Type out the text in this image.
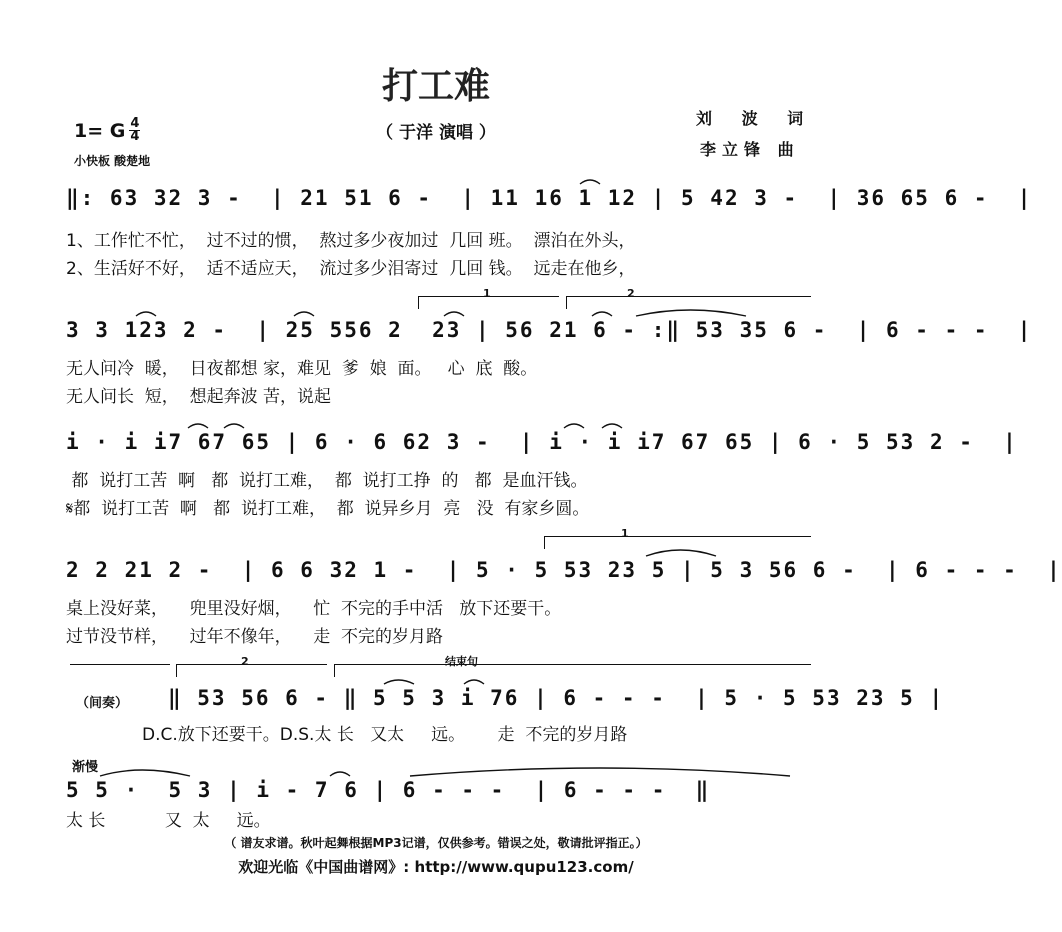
打工难
（ 于洋 演唱 ）
刘 波 词
李立锋 曲
1= G $\frac{4}{4}$
小快板 酸楚地
‖: 63 32 3 -  | 21 51 6 -  | 11 16 1 12 | 5 42 3 -  | 36 65 6 -  |
1、工作忙不忙，  过不过的惯，  熬过多少夜加过  几回 班。  漂泊在外头，
2、生活好不好，  适不适应天，  流过多少泪寄过  几回 钱。  远走在他乡，
1	2
3 3 123 2 -  | 25 556 2  23 | 56 21 6 - :‖ 53 35 6 -  | 6 - - -  |
无人问冷  暖，  日夜都想 家，难见  爹  娘  面。   心  底  酸。
无人问长  短，  想起奔波 苦，说起
i · i i7 67 65 | 6 · 6 62 3 -  | i · i i7 67 65 | 6 · 5 53 2 -  |
都  说打工苦  啊   都  说打工难，  都  说打工挣  的   都  是血汗钱。
𝄋都  说打工苦  啊   都  说打工难，  都  说异乡月  亮   没  有家乡圆。
1
2 2 21 2 -  | 6 6 32 1 -  | 5 · 5 53 23 5 | 5 3 56 6 -  | 6 - - -  |
桌上没好菜，    兜里没好烟，    忙  不完的手中活   放下还要干。
过节没节样，    过年不像年，    走  不完的岁月路
2	结束句
（间奏） ‖ 53 56 6 - ‖ 5 5 3 i 76 | 6 - - -  | 5 · 5 53 23 5 |
D.C.放下还要干。D.S.太 长   又太     远。      走  不完的岁月路
渐慢
5 5 ·  5 3 | i - 7 6 | 6 - - -  | 6 - - -  ‖
太 长           又  太     远。
（ 谱友求谱。秋叶起舞根据MP3记谱，仅供参考。错误之处，敬请批评指正。）
欢迎光临《中国曲谱网》: http://www.qupu123.com/
